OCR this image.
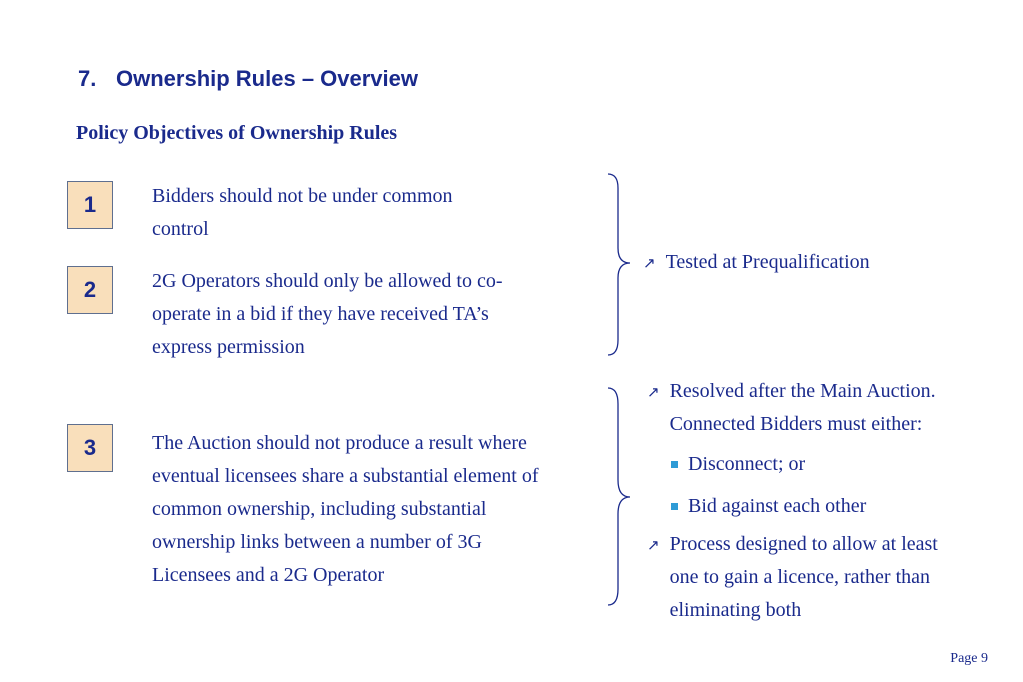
7. Ownership Rules – Overview
Policy Objectives of Ownership Rules
1	Bidders should not be under common
control
2	2G Operators should only be allowed to co-
operate in a bid if they have received TA’s
express permission
3	The Auction should not produce a result where
eventual licensees share a substantial element of
common ownership, including substantial
ownership links between a number of 3G
Licensees and a 2G Operator
↗ Tested at Prequalification
↗ Resolved after the Main Auction.
Connected Bidders must either:
Disconnect; or
Bid against each other
↗ Process designed to allow at least
one to gain a licence, rather than
eliminating both
Page 9
